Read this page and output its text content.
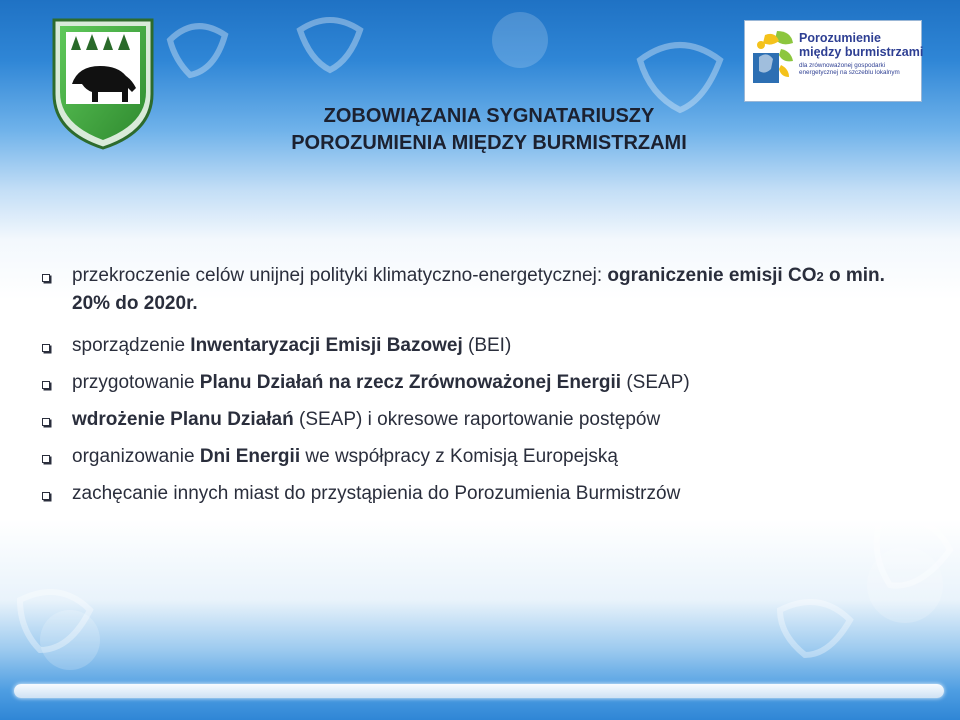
Porozumienie
między burmistrzami
dla zrównoważonej gospodarki
energetycznej na szczeblu lokalnym
ZOBOWIĄZANIA SYGNATARIUSZY
POROZUMIENIA MIĘDZY BURMISTRZAMI
przekroczenie celów unijnej polityki klimatyczno-energetycznej: ograniczenie emisji CO2 o min. 20% do 2020r.
sporządzenie Inwentaryzacji Emisji Bazowej (BEI)
przygotowanie Planu Działań na rzecz Zrównoważonej Energii (SEAP)
wdrożenie Planu Działań (SEAP) i okresowe raportowanie postępów
organizowanie Dni Energii we współpracy z Komisją Europejską
zachęcanie innych miast do przystąpienia do Porozumienia Burmistrzów
